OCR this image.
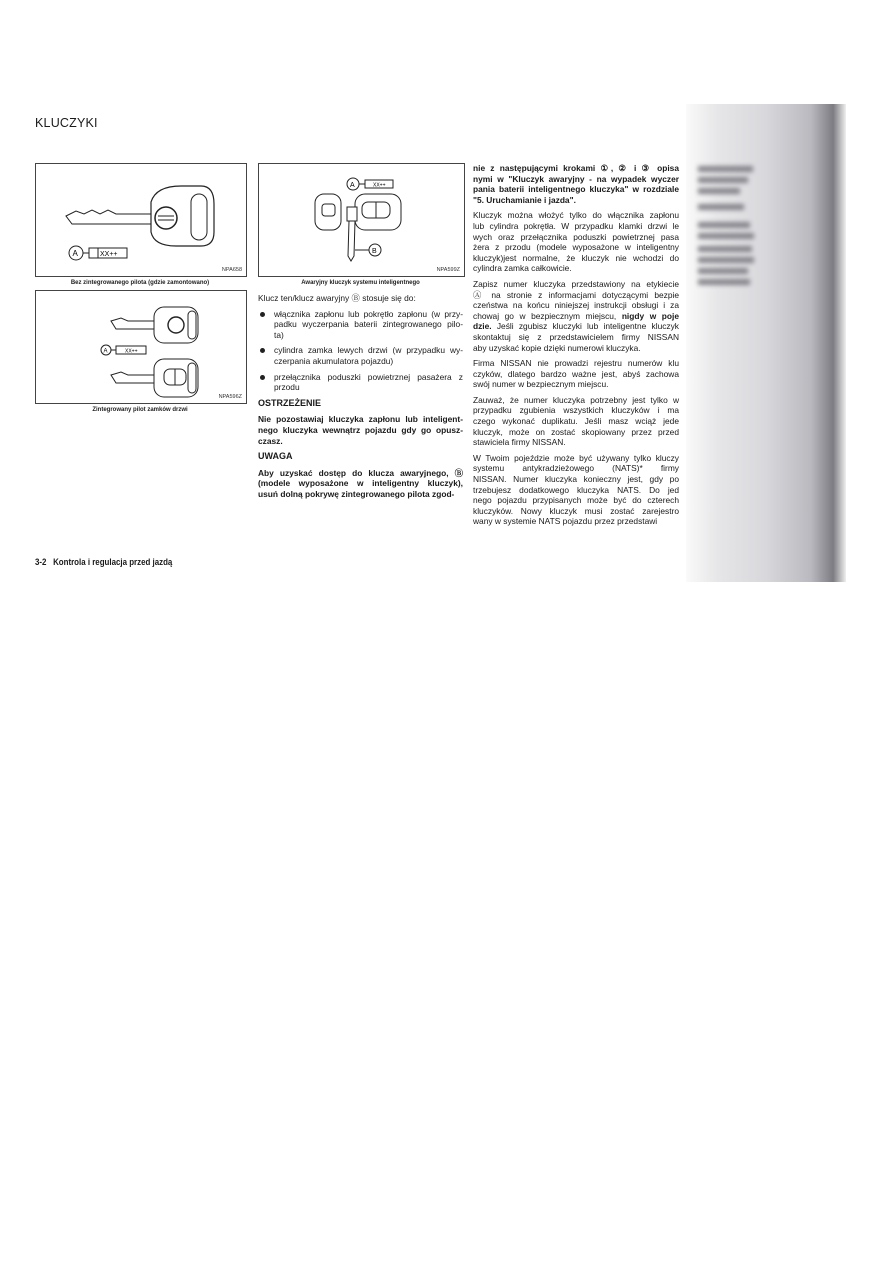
KLUCZYKI
A	XX++
NPA658
Bez zintegrowanego pilota (gdzie zamontowano)
A	XX++
NPA596Z
Zintegrowany pilot zamków drzwi
A	XX++
B
NPA599Z
Awaryjny kluczyk systemu inteligentnego
Klucz ten/klucz awaryjny Ⓑ stosuje się do:
włącznika zapłonu lub pokrętło zapłonu (w przy-
padku wyczerpania baterii zintegrowanego pilo-
ta)
cylindra zamka lewych drzwi (w przypadku wy-
czerpania akumulatora pojazdu)
przełącznika poduszki powietrznej pasażera z
przodu
OSTRZEŻENIE
Nie pozostawiaj kluczyka zapłonu lub inteligent-
nego kluczyka wewnątrz pojazdu gdy go opusz-
czasz.
UWAGA
Aby uzyskać dostęp do klucza awaryjnego, Ⓑ
(modele wyposażone w inteligentny kluczyk),
usuń dolną pokrywę zintegrowanego pilota zgod-
nie z następującymi krokami ①, ② i ③ opisa
nymi w "Kluczyk awaryjny - na wypadek wyczer
pania baterii inteligentnego kluczyka" w rozdziale
"5. Uruchamianie i jazda".
Kluczyk można włożyć tylko do włącznika zapłonu
lub cylindra pokrętła. W przypadku klamki drzwi le
wych oraz przełącznika poduszki powietrznej pasa
żera z przodu (modele wyposażone w inteligentny
kluczyk)jest normalne, że kluczyk nie wchodzi do
cylindra zamka całkowicie.
Zapisz numer kluczyka przedstawiony na etykiecie
Ⓐ na stronie z informacjami dotyczącymi bezpie
czeństwa na końcu niniejszej instrukcji obsługi i za
chowaj go w bezpiecznym miejscu, nigdy w poje
dzie. Jeśli zgubisz kluczyki lub inteligentne kluczyk
skontaktuj się z przedstawicielem firmy NISSAN
aby uzyskać kopie dzięki numerowi kluczyka.
Firma NISSAN nie prowadzi rejestru numerów klu
czyków, dlatego bardzo ważne jest, abyś zachowa
swój numer w bezpiecznym miejscu.
Zauważ, że numer kluczyka potrzebny jest tylko w
przypadku zgubienia wszystkich kluczyków i ma
czego wykonać duplikatu. Jeśli masz wciąż jede
kluczyk, może on zostać skopiowany przez przed
stawiciela firmy NISSAN.
W Twoim pojeździe może być używany tylko kluczy
systemu antykradzieżowego (NATS)* firmy
NISSAN. Numer kluczyka konieczny jest, gdy po
trzebujesz dodatkowego kluczyka NATS. Do jed
nego pojazdu przypisanych może być do czterech
kluczyków. Nowy kluczyk musi zostać zarejestro
wany w systemie NATS pojazdu przez przedstawi
3-2 Kontrola i regulacja przed jazdą
